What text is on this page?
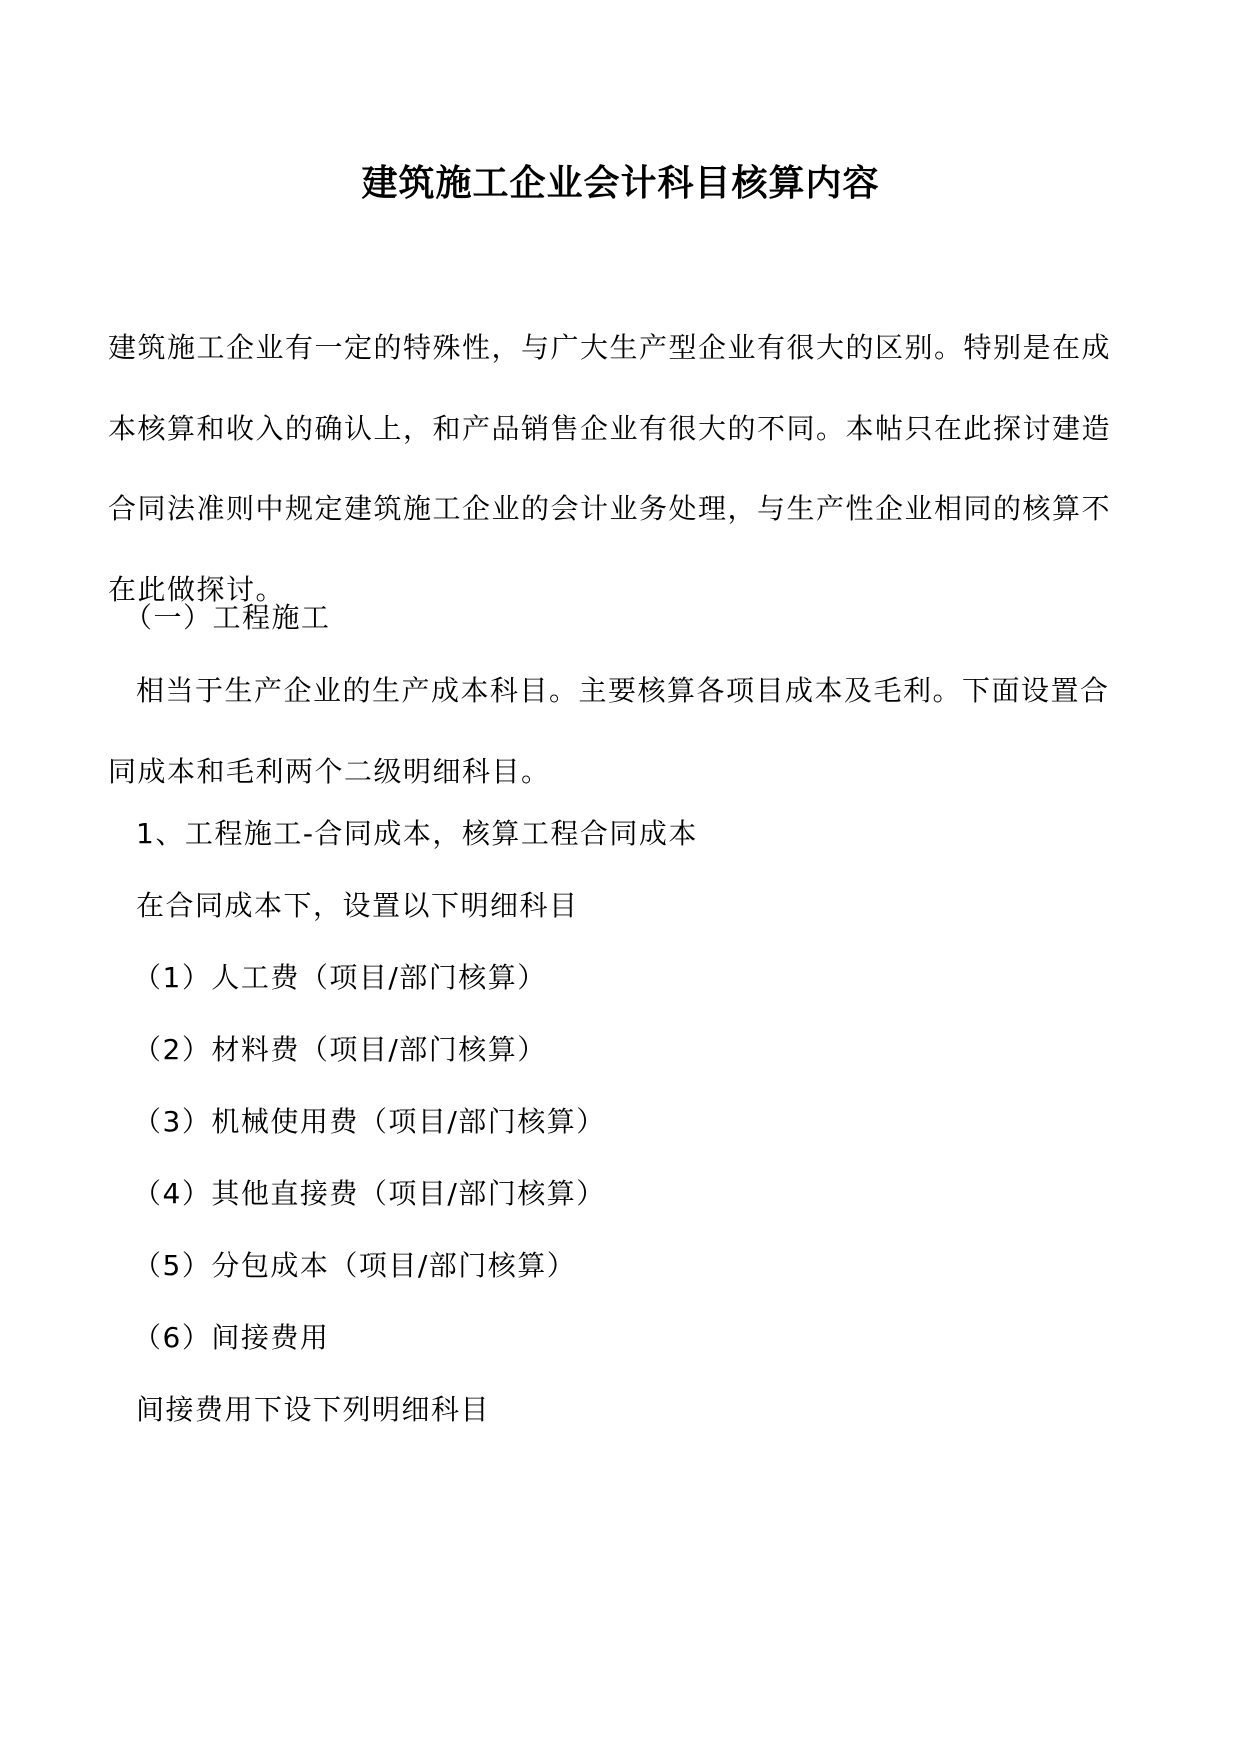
建筑施工企业会计科目核算内容

建筑施工企业有一定的特殊性，与广大生产型企业有很大的区别。特别是在成本核算和收入的确认上，和产品销售企业有很大的不同。本帖只在此探讨建造合同法准则中规定建筑施工企业的会计业务处理，与生产性企业相同的核算不在此做探讨。

（一）工程施工

相当于生产企业的生产成本科目。主要核算各项目成本及毛利。下面设置合同成本和毛利两个二级明细科目。

1、工程施工-合同成本，核算工程合同成本
在合同成本下，设置以下明细科目
（1）人工费（项目/部门核算）
（2）材料费（项目/部门核算）
（3）机械使用费（项目/部门核算）
（4）其他直接费（项目/部门核算）
（5）分包成本（项目/部门核算）
（6）间接费用
间接费用下设下列明细科目
